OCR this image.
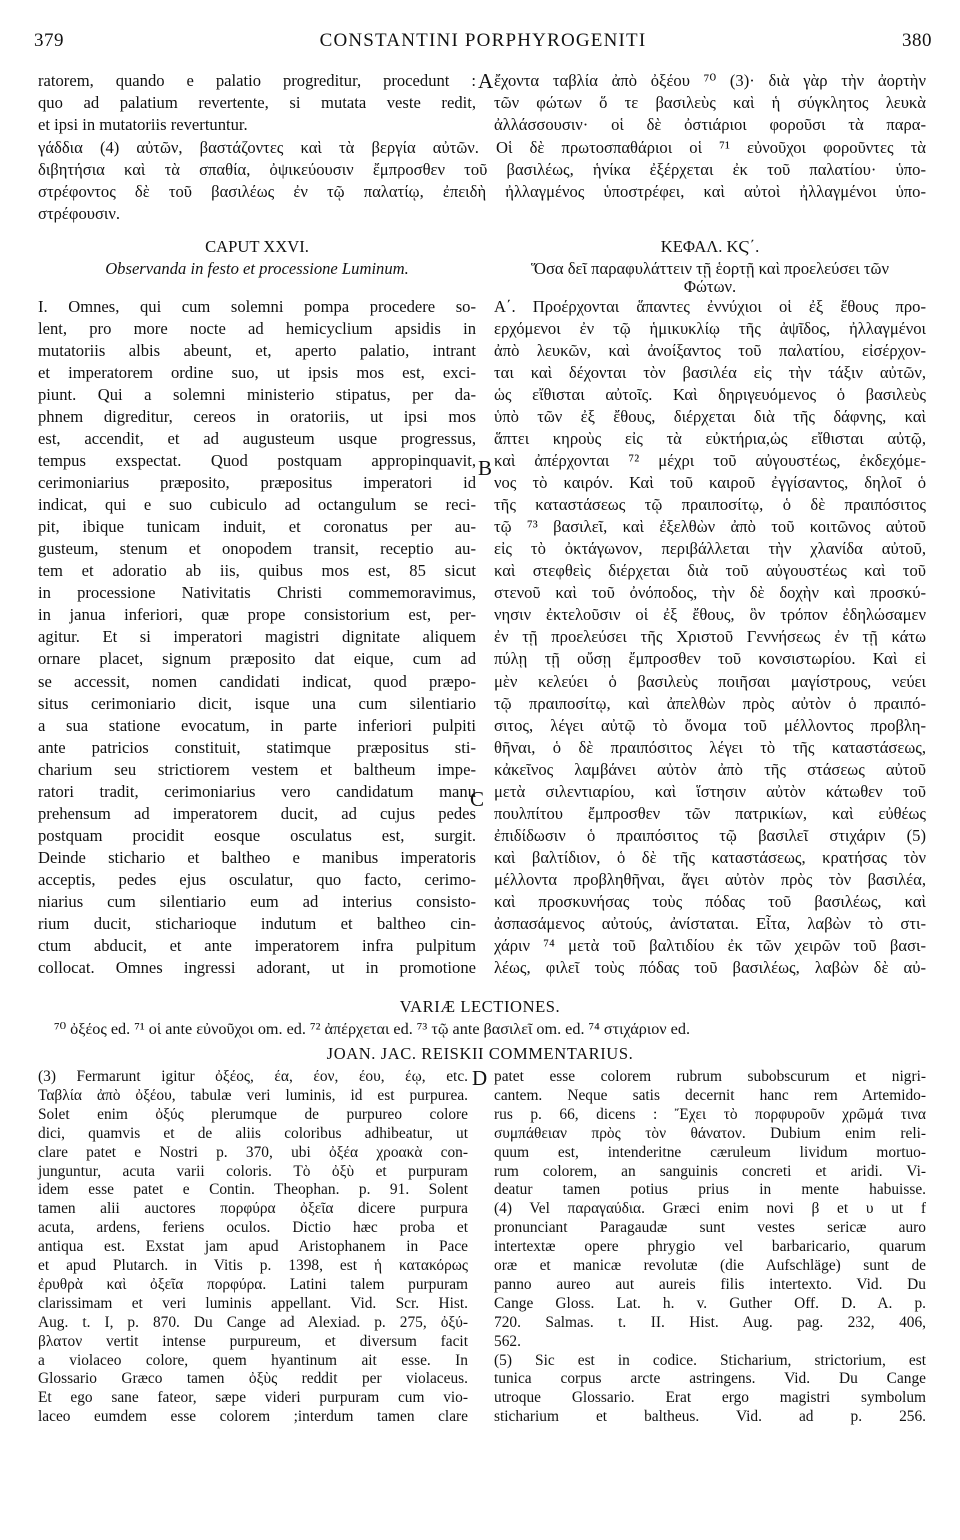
379	CONSTANTINI PORPHYROGENITI	380
ratorem, quando e palatio progreditur, procedunt :
quo ad palatium revertente, si mutata veste redit,
et ipsi in mutatoriis revertuntur.
ἔχοντα ταβλία ἀπὸ ὀξέου ⁷⁰ (3)· διὰ γὰρ τὴν ἀορτὴν
τῶν φώτων ὅ τε βασιλεὺς καὶ ἡ σύγκλητος λευκὰ
ἀλλάσσουσιν· οἱ δὲ ὀστιάριοι φοροῦσι τὰ παρα-
γάδδια (4) αὐτῶν, βαστάζοντες καὶ τὰ βεργία αὐτῶν. Οἱ δὲ πρωτοσπαθάριοι οἱ ⁷¹ εὐνοῦχοι φοροῦντες τὰ
διβητήσια καὶ τὰ σπαθία, ὀψικεύουσιν ἔμπροσθεν τοῦ βασιλέως, ἡνίκα ἐξέρχεται ἐκ τοῦ παλατίου· ὑπο-
στρέφοντος δὲ τοῦ βασιλέως ἐν τῷ παλατίῳ, ἐπειδὴ ἠλλαγμένος ὑποστρέφει, καὶ αὐτοὶ ἠλλαγμένοι ὑπο-
στρέφουσιν.
CAPUT XXVI.
Observanda in festo et processione Luminum.
ΚΕΦΑΛ. ΚϚ΄.
Ὅσα δεῖ παραφυλάττειν τῇ ἑορτῇ καὶ προελεύσει τῶν
Φώτων.
I. Omnes, qui cum solemni pompa procedere so-
lent, pro more nocte ad hemicyclium apsidis in
mutatoriis albis abeunt, et, aperto palatio, intrant
et imperatorem ordine suo, ut ipsis mos est, exci-
piunt. Qui a solemni ministerio stipatus, per da-
phnem digreditur, cereos in oratoriis, ut ipsi mos
est, accendit, et ad augusteum usque progressus,
tempus exspectat. Quod postquam appropinquavit,
cerimoniarius præposito, præpositus imperatori id
indicat, qui e suo cubiculo ad octangulum se reci-
pit, ibique tunicam induit, et coronatus per au-
gusteum, stenum et onopodem transit, receptio au-
tem et adoratio ab iis, quibus mos est, 85 sicut
in processione Nativitatis Christi commemoravimus,
in janua inferiori, quæ prope consistorium est, per-
agitur. Et si imperatori magistri dignitate aliquem
ornare placet, signum præposito dat eique, cum ad
se accessit, nomen candidati indicat, quod præpo-
situs cerimoniario dicit, isque una cum silentiario
a sua statione evocatum, in parte inferiori pulpiti
ante patricios constituit, statimque præpositus sti-
charium seu strictiorem vestem et baltheum impe-
ratori tradit, cerimoniarius vero candidatum manu
prehensum ad imperatorem ducit, ad cujus pedes
postquam procidit eosque osculatus est, surgit.
Deinde stichario et baltheo e manibus imperatoris
acceptis, pedes ejus osculatur, quo facto, cerimo-
niarius cum silentiario eum ad interius consisto-
rium ducit, sticharioque indutum et baltheo cin-
ctum abducit, et ante imperatorem infra pulpitum
collocat. Omnes ingressi adorant, ut in promotione
Α΄. Προέρχονται ἅπαντες ἐννύχιοι οἱ ἐξ ἔθους προ-
ερχόμενοι ἐν τῷ ἡμικυκλίῳ τῆς ἀψῖδος, ἠλλαγμένοι
ἀπὸ λευκῶν, καὶ ἀνοίξαντος τοῦ παλατίου, εἰσέρχον-
ται καὶ δέχονται τὸν βασιλέα εἰς τὴν τάξιν αὐτῶν,
ὡς εἴθισται αὐτοῖς. Καὶ δηριγευόμενος ὁ βασιλεὺς
ὑπὸ τῶν ἐξ ἔθους, διέρχεται διὰ τῆς δάφνης, καὶ
ἅπτει κηροὺς εἰς τὰ εὐκτήρια,ὡς εἴθισται αὐτῷ,
καὶ ἀπέρχονται ⁷² μέχρι τοῦ αὐγουστέως, ἐκδεχόμε-
νος τὸ καιρόν. Καὶ τοῦ καιροῦ ἐγγίσαντος, δηλοῖ ὁ
τῆς καταστάσεως τῷ πραιποσίτῳ, ὁ δὲ πραιπόσιτος
τῷ ⁷³ βασιλεῖ, καὶ ἐξελθὼν ἀπὸ τοῦ κοιτῶνος αὐτοῦ
εἰς τὸ ὀκτάγωνον, περιβάλλεται τὴν χλανίδα αὐτοῦ,
καὶ στεφθεὶς διέρχεται διὰ τοῦ αὐγουστέως καὶ τοῦ
στενοῦ καὶ τοῦ ὀνόποδος, τὴν δὲ δοχὴν καὶ προσκύ-
νησιν ἐκτελοῦσιν οἱ ἐξ ἔθους, ὃν τρόπον ἐδηλώσαμεν
ἐν τῇ προελεύσει τῆς Χριστοῦ Γεννήσεως ἐν τῇ κάτω
πύλῃ τῇ οὔσῃ ἔμπροσθεν τοῦ κονσιστωρίου. Καὶ εἰ
μὲν κελεύει ὁ βασιλεὺς ποιῆσαι μαγίστρους, νεύει
τῷ πραιποσίτῳ, καὶ ἀπελθὼν πρὸς αὐτὸν ὁ πραιπό-
σιτος, λέγει αὐτῷ τὸ ὄνομα τοῦ μέλλοντος προβλη-
θῆναι, ὁ δὲ πραιπόσιτος λέγει τὸ τῆς καταστάσεως,
κἀκεῖνος λαμβάνει αὐτὸν ἀπὸ τῆς στάσεως αὐτοῦ
μετὰ σιλεντιαρίου, καὶ ἵστησιν αὐτὸν κάτωθεν τοῦ
πουλπίτου ἔμπροσθεν τῶν πατρικίων, καὶ εὐθέως
ἐπιδίδωσιν ὁ πραιπόσιτος τῷ βασιλεῖ στιχάριν (5)
καὶ βαλτίδιον, ὁ δὲ τῆς καταστάσεως, κρατήσας τὸν
μέλλοντα προβληθῆναι, ἄγει αὐτὸν πρὸς τὸν βασιλέα,
καὶ προσκυνήσας τοὺς πόδας τοῦ βασιλέως, καὶ
ἀσπασάμενος αὐτούς, ἀνίσταται. Εἶτα, λαβὼν τὸ στι-
χάριν ⁷⁴ μετὰ τοῦ βαλτιδίου ἐκ τῶν χειρῶν τοῦ βασι-
λέως, φιλεῖ τοὺς πόδας τοῦ βασιλέως, λαβὼν δὲ αὐ-
A
B
C
D
VARIÆ LECTIONES.
⁷⁰ ὀξέος ed. ⁷¹ οἱ ante εὐνοῦχοι om. ed. ⁷² ἀπέρχεται ed. ⁷³ τῷ ante βασιλεῖ om. ed. ⁷⁴ στιχάριον ed.
JOAN. JAC. REISKII COMMENTARIUS.
(3) Fermarunt igitur ὀξέος, έα, έον, έου, έῳ, etc.
Ταβλία ἀπὸ ὀξέου, tabulæ veri luminis, id est purpurea.
Solet enim ὀξύς plerumque de purpureo colore
dici, quamvis et de aliis coloribus adhibeatur, ut
clare patet e Nostri p. 370, ubi ὀξέα χροακὰ con-
junguntur, acuta varii coloris. Τὸ ὀξὺ et purpuram
idem esse patet e Contin. Theophan. p. 91. Solent
tamen alii auctores πορφύρα ὀξεῖα dicere purpura
acuta, ardens, feriens oculos. Dictio hæc proba et
antiqua est. Exstat jam apud Aristophanem in Pace
et apud Plutarch. in Vitis p. 1398, est ἡ κατακόρως
ἐρυθρὰ καὶ ὀξεῖα πορφύρα. Latini talem purpuram
clarissimam et veri luminis appellant. Vid. Scr. Hist.
Aug. t. I, p. 870. Du Cange ad Alexiad. p. 275, ὀξύ-
βλατον vertit intense purpureum, et diversum facit
a violaceo colore, quem hyantinum ait esse. In
Glossario Græco tamen ὀξὺς reddit per violaceus.
Et ego sane fateor, sæpe videri purpuram cum vio-
laceo eumdem esse colorem ;interdum tamen clare
patet esse colorem rubrum subobscurum et nigri-
cantem. Neque satis decernit hanc rem Artemido-
rus p. 66, dicens : Ἔχει τὸ πορφυροῦν χρῶμά τινα
συμπάθειαν πρὸς τὸν θάνατον. Dubium enim reli-
quum est, intenderitne cæruleum lividum mortuo-
rum colorem, an sanguinis concreti et aridi. Vi-
deatur tamen potius prius in mente habuisse.
(4) Vel παραγαύδια. Græci enim novi β et υ ut f
pronunciant Paragaudæ sunt vestes sericæ auro
intertextæ opere phrygio vel barbaricario, quarum
oræ et manicæ revolutæ (die Aufschläge) sunt de
panno aureo aut aureis filis intertexto. Vid. Du
Cange Gloss. Lat. h. v. Guther Off. D. A. p.
720. Salmas. t. II. Hist. Aug. pag. 232, 406,
562.
(5) Sic est in codice. Sticharium, strictorium, est
tunica corpus arcte astringens. Vid. Du Cange
utroque Glossario. Erat ergo magistri symbolum
sticharium et baltheus. Vid. ad p. 256.
